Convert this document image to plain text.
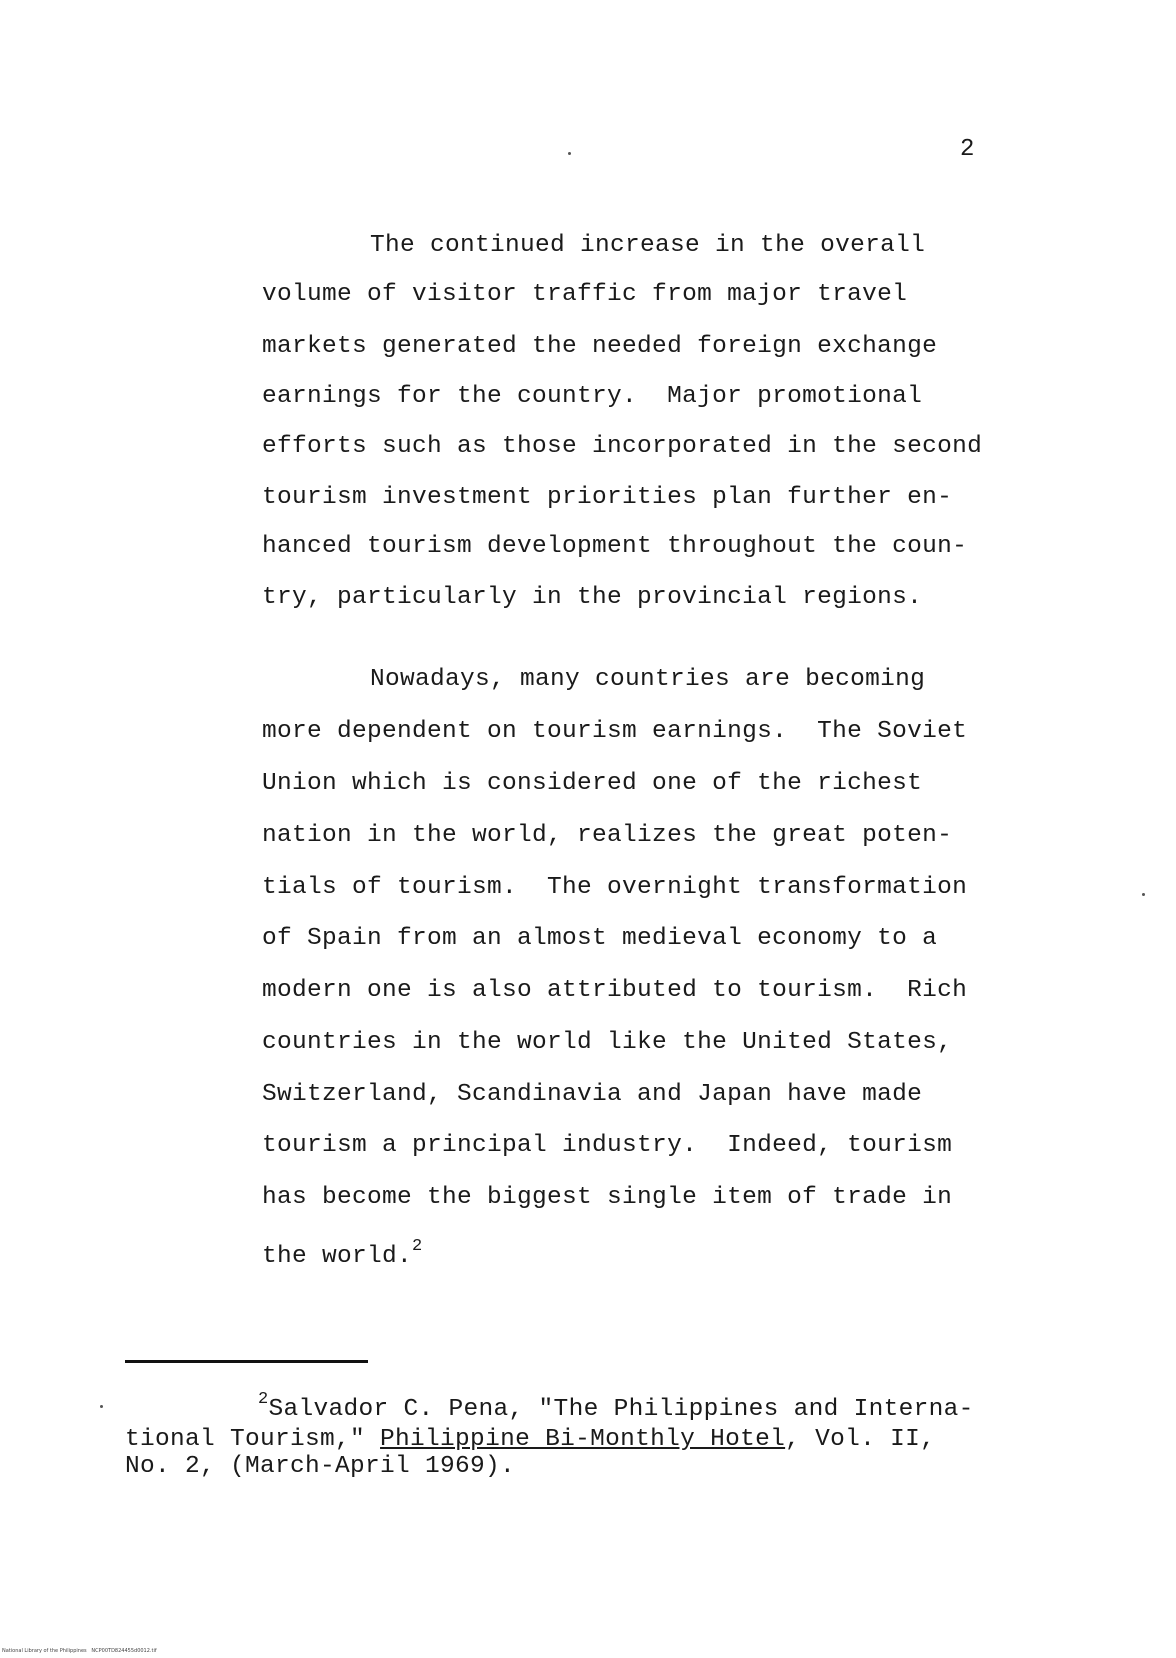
2
The continued increase in the overall
volume of visitor traffic from major travel
markets generated the needed foreign exchange
earnings for the country.  Major promotional
efforts such as those incorporated in the second
tourism investment priorities plan further en-
hanced tourism development throughout the coun-
try, particularly in the provincial regions.
Nowadays, many countries are becoming
more dependent on tourism earnings.  The Soviet
Union which is considered one of the richest
nation in the world, realizes the great poten-
tials of tourism.  The overnight transformation
of Spain from an almost medieval economy to a
modern one is also attributed to tourism.  Rich
countries in the world like the United States,
Switzerland, Scandinavia and Japan have made
tourism a principal industry.  Indeed, tourism
has become the biggest single item of trade in
the world.$^2$
$^2$Salvador C. Pena, "The Philippines and Interna-
tional Tourism," Philippine Bi-Monthly Hotel, Vol. II,
No. 2, (March-April 1969).
National Library of the Philippines NCP00TD824455d0012.tif
